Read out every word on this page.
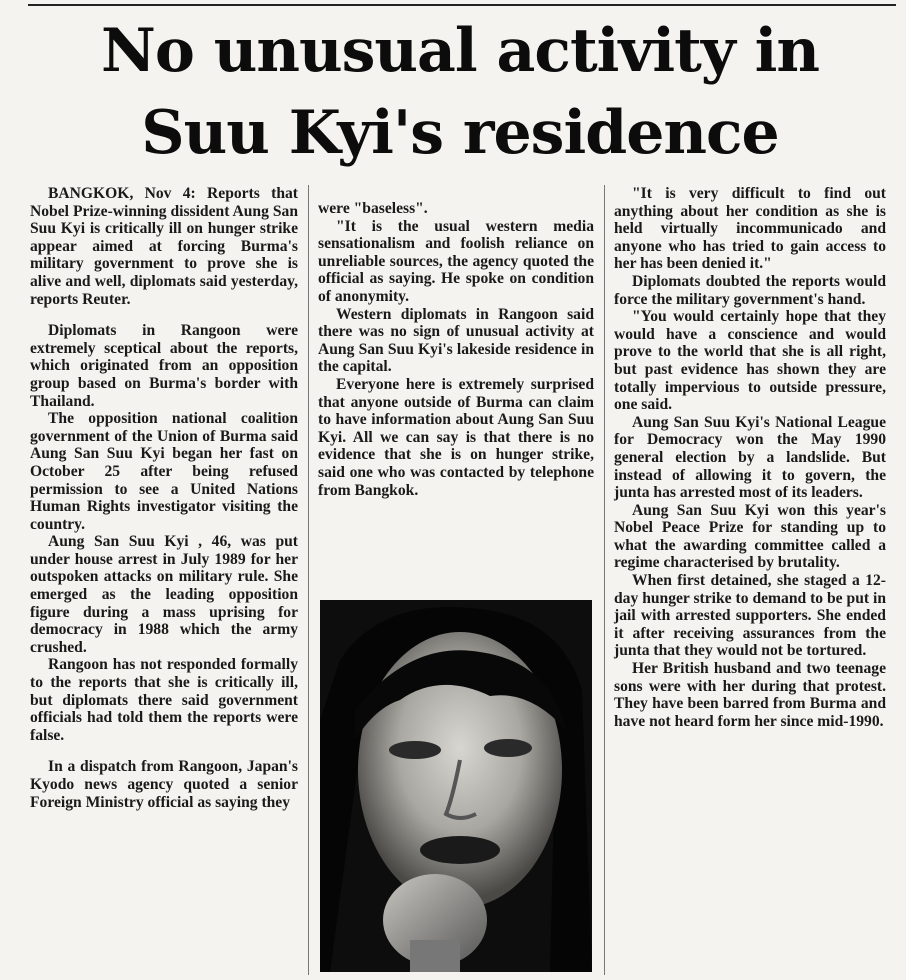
No unusual activity in
Suu Kyi's residence

BANGKOK, Nov 4: Reports that Nobel Prize-winning dissident Aung San Suu Kyi is critically ill on hunger strike appear aimed at forcing Burma's military government to prove she is alive and well, diplomats said yesterday, reports Reuter.

Diplomats in Rangoon were extremely sceptical about the reports, which originated from an opposition group based on Burma's border with Thailand.

The opposition national coalition government of the Union of Burma said Aung San Suu Kyi began her fast on October 25 after being refused permission to see a United Nations Human Rights investigator visiting the country.

Aung San Suu Kyi , 46, was put under house arrest in July 1989 for her outspoken attacks on military rule. She emerged as the leading opposition figure during a mass uprising for democracy in 1988 which the army crushed.

Rangoon has not responded formally to the reports that she is critically ill, but diplomats there said government officials had told them the reports were false.

In a dispatch from Rangoon, Japan's Kyodo news agency quoted a senior Foreign Ministry official as saying they

were "baseless".

"It is the usual western media sensationalism and foolish reliance on unreliable sources, the agency quoted the official as saying. He spoke on condition of anonymity.

Western diplomats in Rangoon said there was no sign of unusual activity at Aung San Suu Kyi's lakeside residence in the capital.

Everyone here is extremely surprised that anyone outside of Burma can claim to have information about Aung San Suu Kyi. All we can say is that there is no evidence that she is on hunger strike, said one who was contacted by telephone from Bangkok.

"It is very difficult to find out anything about her condition as she is held virtually incommunicado and anyone who has tried to gain access to her has been denied it."

Diplomats doubted the reports would force the military government's hand.

"You would certainly hope that they would have a conscience and would prove to the world that she is all right, but past evidence has shown they are totally impervious to outside pressure, one said.

Aung San Suu Kyi's National League for Democracy won the May 1990 general election by a landslide. But instead of allowing it to govern, the junta has arrested most of its leaders.

Aung San Suu Kyi won this year's Nobel Peace Prize for standing up to what the awarding committee called a regime characterised by brutality.

When first detained, she staged a 12-day hunger strike to demand to be put in jail with arrested supporters. She ended it after receiving assurances from the junta that they would not be tortured.

Her British husband and two teenage sons were with her during that protest. They have been barred from Burma and have not heard form her since mid-1990.
